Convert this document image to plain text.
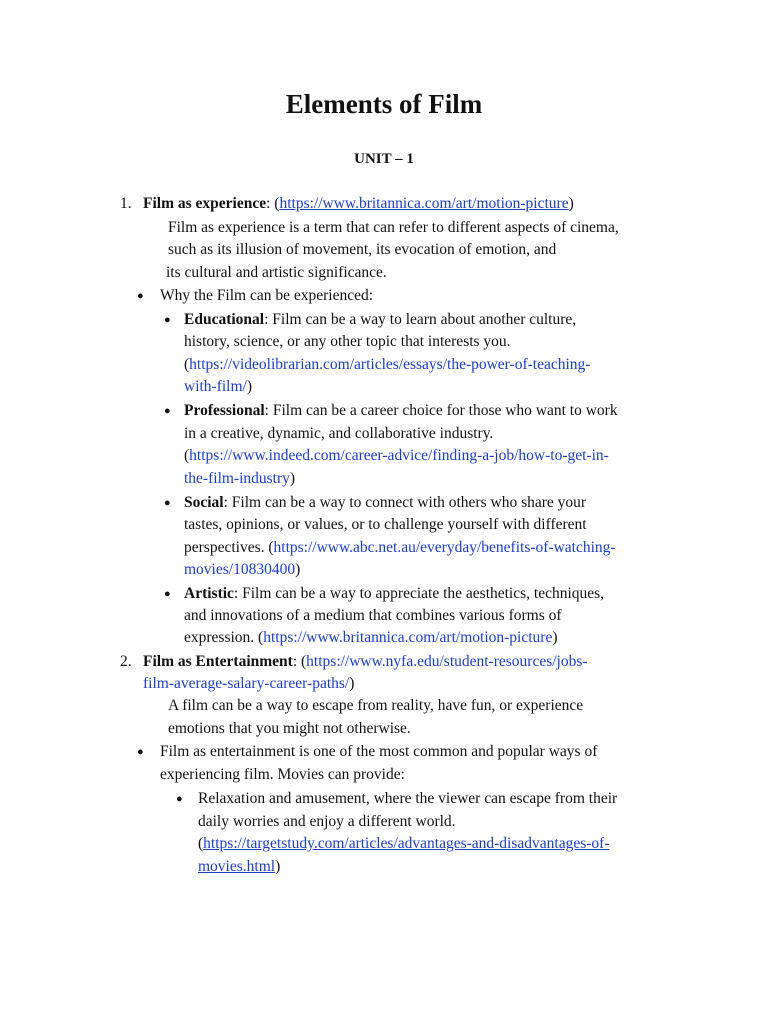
Elements of Film
UNIT – 1
1. Film as experience: (https://www.britannica.com/art/motion-picture)
Film as experience is a term that can refer to different aspects of cinema,
such as its illusion of movement, its evocation of emotion, and
its cultural and artistic significance.
● Why the Film can be experienced:
● Educational: Film can be a way to learn about another culture,
history, science, or any other topic that interests you.
(https://videolibrarian.com/articles/essays/the-power-of-teaching-
with-film/)
● Professional: Film can be a career choice for those who want to work
in a creative, dynamic, and collaborative industry.
(https://www.indeed.com/career-advice/finding-a-job/how-to-get-in-
the-film-industry)
● Social: Film can be a way to connect with others who share your
tastes, opinions, or values, or to challenge yourself with different
perspectives. (https://www.abc.net.au/everyday/benefits-of-watching-
movies/10830400)
● Artistic: Film can be a way to appreciate the aesthetics, techniques,
and innovations of a medium that combines various forms of
expression. (https://www.britannica.com/art/motion-picture)
2. Film as Entertainment: (https://www.nyfa.edu/student-resources/jobs-
film-average-salary-career-paths/)
A film can be a way to escape from reality, have fun, or experience
emotions that you might not otherwise.
● Film as entertainment is one of the most common and popular ways of
experiencing film. Movies can provide:
● Relaxation and amusement, where the viewer can escape from their
daily worries and enjoy a different world.
(https://targetstudy.com/articles/advantages-and-disadvantages-of-
movies.html)
